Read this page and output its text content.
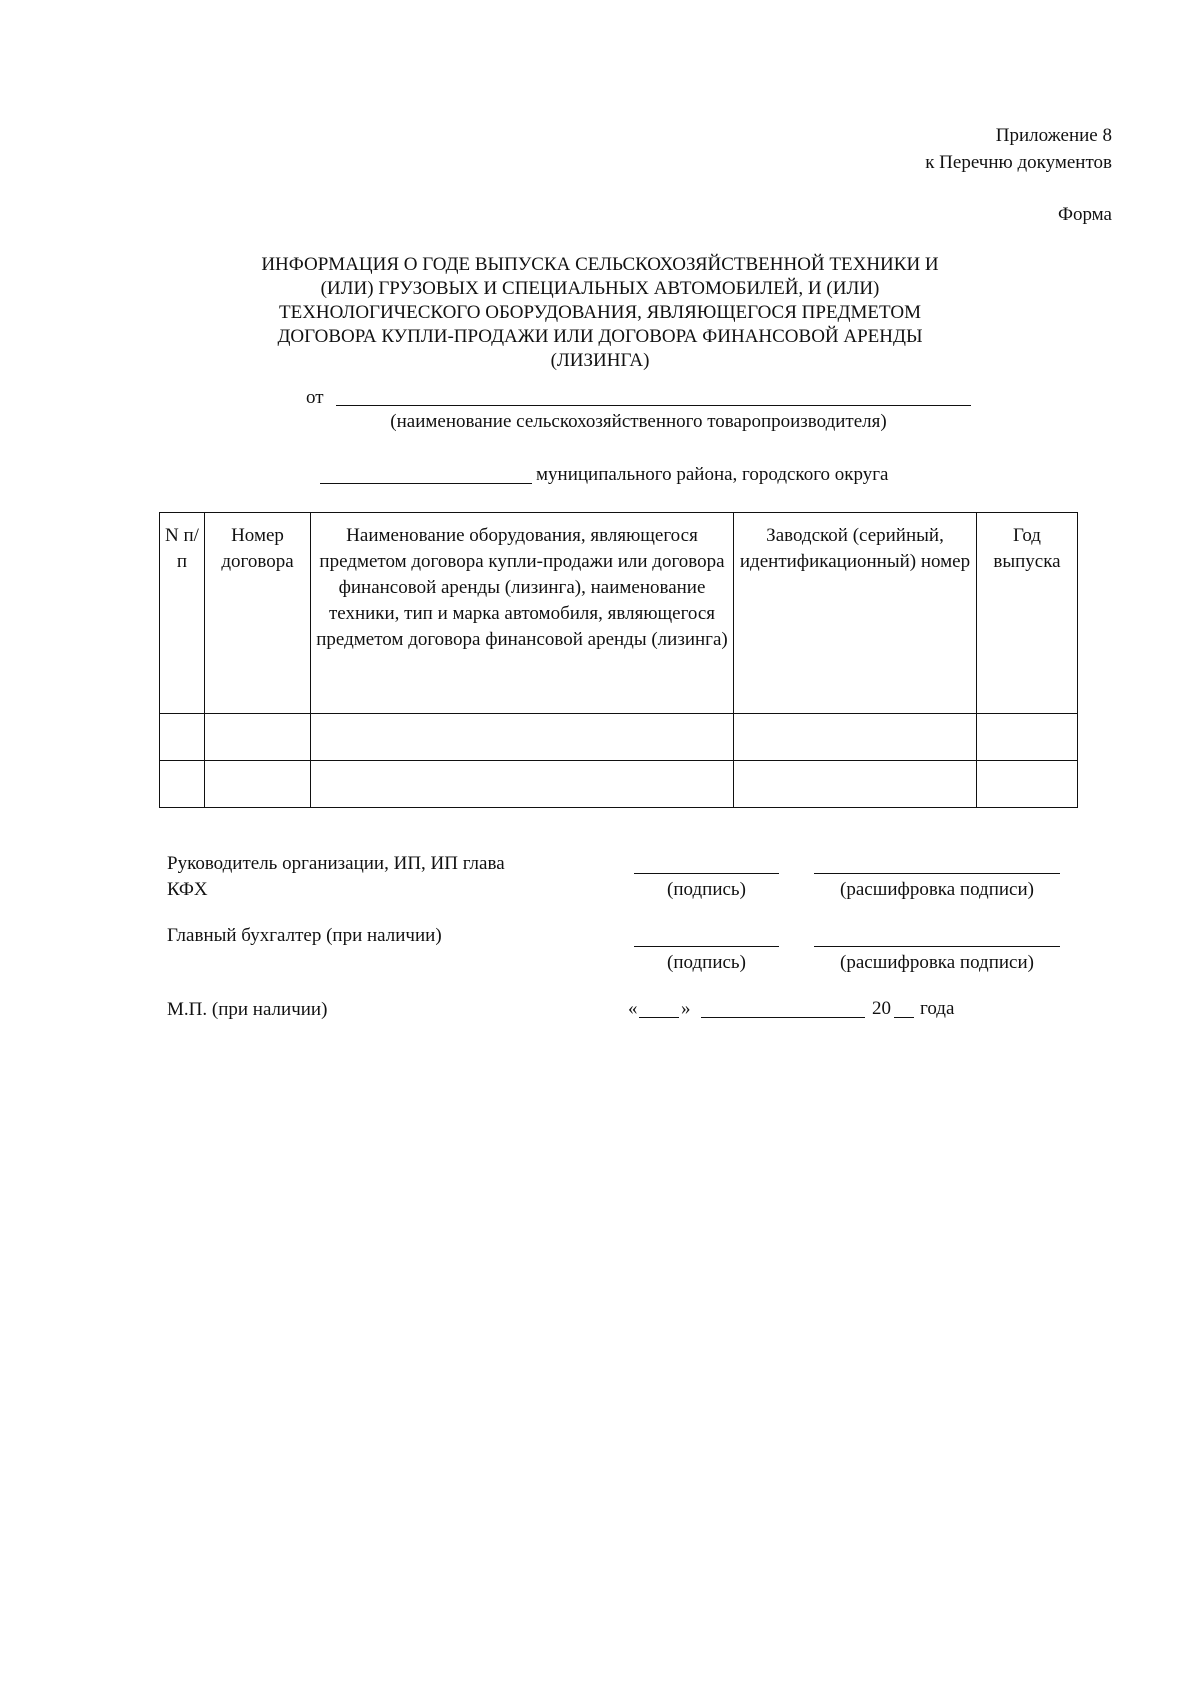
Приложение 8
к Перечню документов
Форма
ИНФОРМАЦИЯ О ГОДЕ ВЫПУСКА СЕЛЬСКОХОЗЯЙСТВЕННОЙ ТЕХНИКИ И
(ИЛИ) ГРУЗОВЫХ И СПЕЦИАЛЬНЫХ АВТОМОБИЛЕЙ, И (ИЛИ)
ТЕХНОЛОГИЧЕСКОГО ОБОРУДОВАНИЯ, ЯВЛЯЮЩЕГОСЯ ПРЕДМЕТОМ
ДОГОВОРА КУПЛИ-ПРОДАЖИ ИЛИ ДОГОВОРА ФИНАНСОВОЙ АРЕНДЫ
(ЛИЗИНГА)
от
(наименование сельскохозяйственного товаропроизводителя)
муниципального района, городского округа
N п/п	Номер договора	Наименование оборудования, являющегося предметом договора купли-продажи или договора финансовой аренды (лизинга), наименование техники, тип и марка автомобиля, являющегося предметом договора финансовой аренды (лизинга)	Заводской (серийный, идентификационный) номер	Год выпуска

Руководитель организации, ИП, ИП глава
КФХ	(подпись)	(расшифровка подписи)
Главный бухгалтер (при наличии)
(подпись)	(расшифровка подписи)
М.П. (при наличии)	« »	20 года
